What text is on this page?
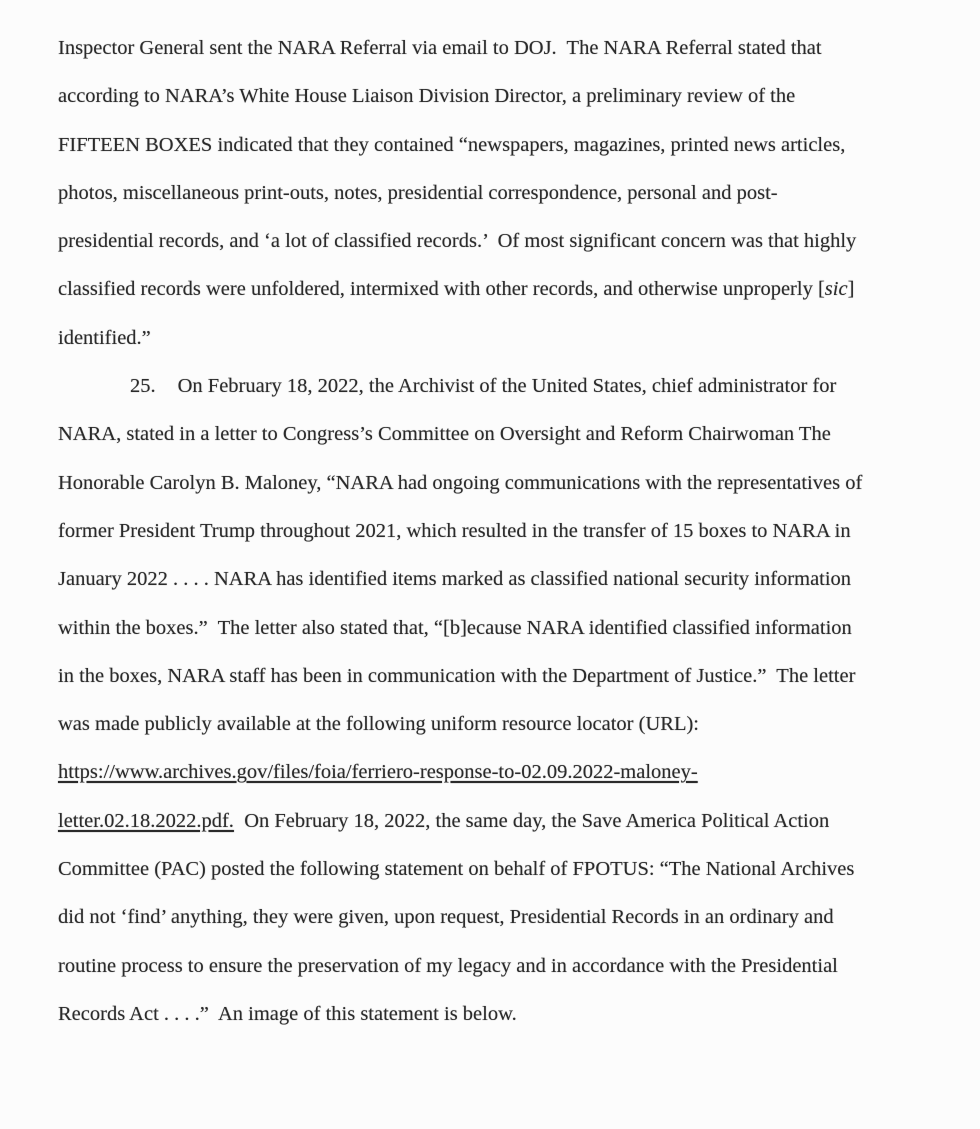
Inspector General sent the NARA Referral via email to DOJ.  The NARA Referral stated that

according to NARA’s White House Liaison Division Director, a preliminary review of the

FIFTEEN BOXES indicated that they contained “newspapers, magazines, printed news articles,

photos, miscellaneous print-outs, notes, presidential correspondence, personal and post-

presidential records, and ‘a lot of classified records.’  Of most significant concern was that highly

classified records were unfoldered, intermixed with other records, and otherwise unproperly [sic]

identified.”

25. On February 18, 2022, the Archivist of the United States, chief administrator for

NARA, stated in a letter to Congress’s Committee on Oversight and Reform Chairwoman The

Honorable Carolyn B. Maloney, “NARA had ongoing communications with the representatives of

former President Trump throughout 2021, which resulted in the transfer of 15 boxes to NARA in

January 2022 . . . . NARA has identified items marked as classified national security information

within the boxes.”  The letter also stated that, “[b]ecause NARA identified classified information

in the boxes, NARA staff has been in communication with the Department of Justice.”  The letter

was made publicly available at the following uniform resource locator (URL):

https://www.archives.gov/files/foia/ferriero-response-to-02.09.2022-maloney-

letter.02.18.2022.pdf.  On February 18, 2022, the same day, the Save America Political Action

Committee (PAC) posted the following statement on behalf of FPOTUS: “The National Archives

did not ‘find’ anything, they were given, upon request, Presidential Records in an ordinary and

routine process to ensure the preservation of my legacy and in accordance with the Presidential

Records Act . . . .”  An image of this statement is below.
